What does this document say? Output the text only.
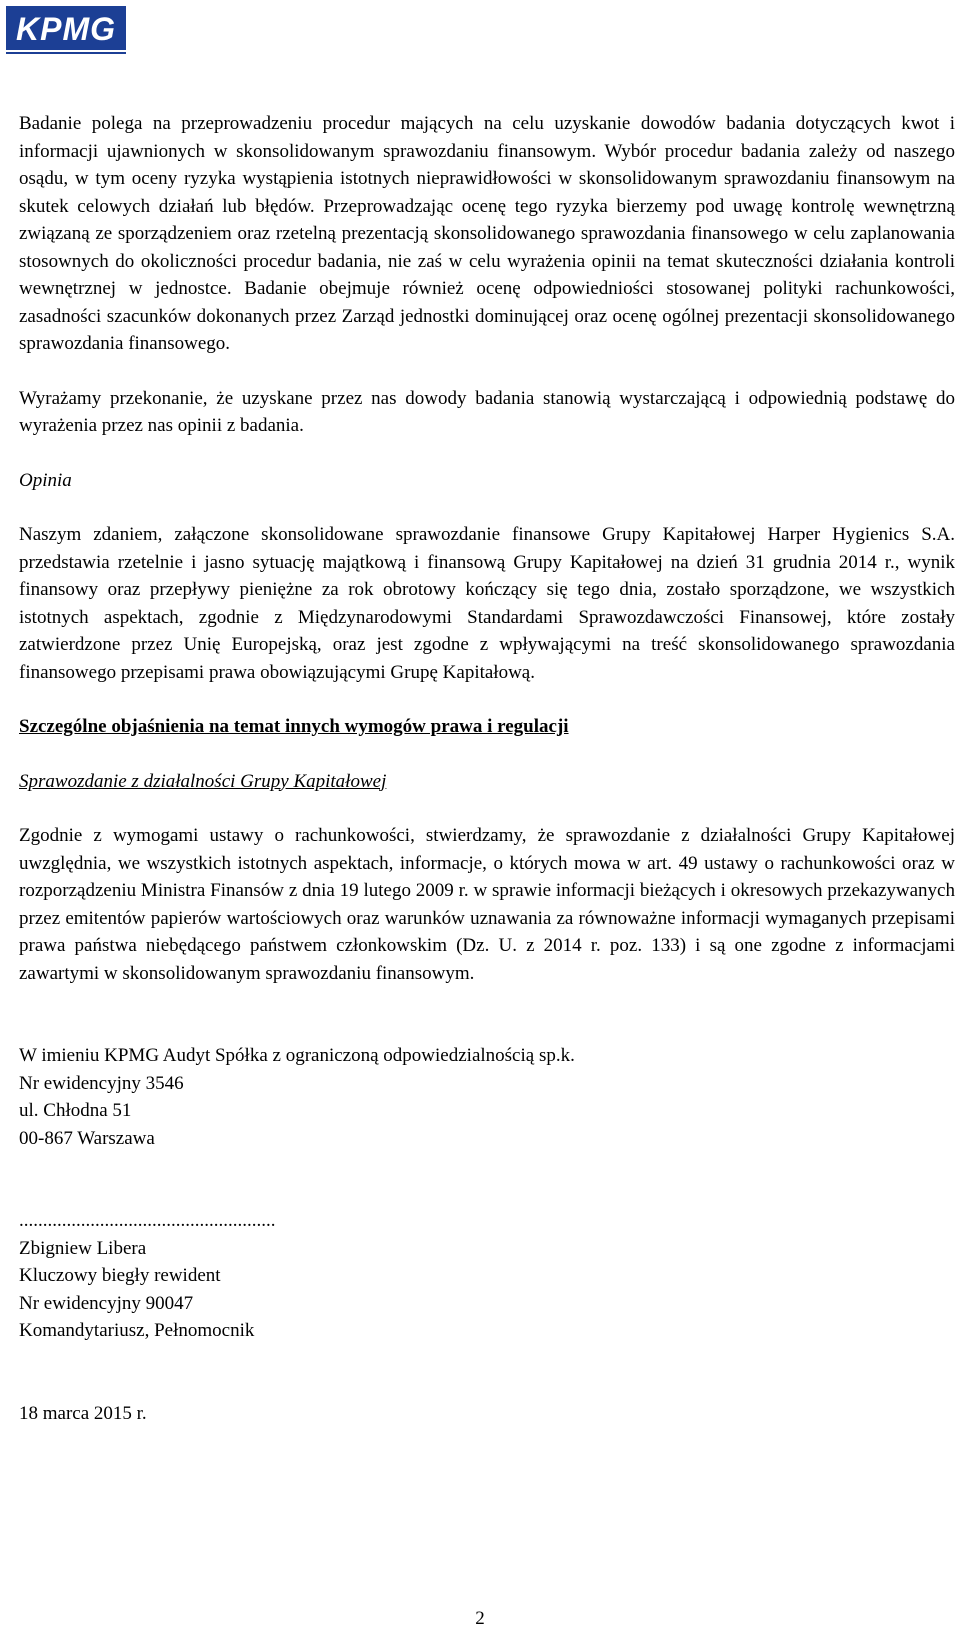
KPMG

Badanie polega na przeprowadzeniu procedur mających na celu uzyskanie dowodów badania dotyczących kwot i informacji ujawnionych w skonsolidowanym sprawozdaniu finansowym. Wybór procedur badania zależy od naszego osądu, w tym oceny ryzyka wystąpienia istotnych nieprawidłowości w skonsolidowanym sprawozdaniu finansowym na skutek celowych działań lub błędów. Przeprowadzając ocenę tego ryzyka bierzemy pod uwagę kontrolę wewnętrzną związaną ze sporządzeniem oraz rzetelną prezentacją skonsolidowanego sprawozdania finansowego w celu zaplanowania stosownych do okoliczności procedur badania, nie zaś w celu wyrażenia opinii na temat skuteczności działania kontroli wewnętrznej w jednostce. Badanie obejmuje również ocenę odpowiedniości stosowanej polityki rachunkowości, zasadności szacunków dokonanych przez Zarząd jednostki dominującej oraz ocenę ogólnej prezentacji skonsolidowanego sprawozdania finansowego.

Wyrażamy przekonanie, że uzyskane przez nas dowody badania stanowią wystarczającą i odpowiednią podstawę do wyrażenia przez nas opinii z badania.

Opinia

Naszym zdaniem, załączone skonsolidowane sprawozdanie finansowe Grupy Kapitałowej Harper Hygienics S.A. przedstawia rzetelnie i jasno sytuację majątkową i finansową Grupy Kapitałowej na dzień 31 grudnia 2014 r., wynik finansowy oraz przepływy pieniężne za rok obrotowy kończący się tego dnia, zostało sporządzone, we wszystkich istotnych aspektach, zgodnie z Międzynarodowymi Standardami Sprawozdawczości Finansowej, które zostały zatwierdzone przez Unię Europejską, oraz jest zgodne z wpływającymi na treść skonsolidowanego sprawozdania finansowego przepisami prawa obowiązującymi Grupę Kapitałową.

Szczególne objaśnienia na temat innych wymogów prawa i regulacji

Sprawozdanie z działalności Grupy Kapitałowej

Zgodnie z wymogami ustawy o rachunkowości, stwierdzamy, że sprawozdanie z działalności Grupy Kapitałowej uwzględnia, we wszystkich istotnych aspektach, informacje, o których mowa w art. 49 ustawy o rachunkowości oraz w rozporządzeniu Ministra Finansów z dnia 19 lutego 2009 r. w sprawie informacji bieżących i okresowych przekazywanych przez emitentów papierów wartościowych oraz warunków uznawania za równoważne informacji wymaganych przepisami prawa państwa niebędącego państwem członkowskim (Dz. U. z 2014 r. poz. 133) i są one zgodne z informacjami zawartymi w skonsolidowanym sprawozdaniu finansowym.

W imieniu KPMG Audyt Spółka z ograniczoną odpowiedzialnością sp.k.

Nr ewidencyjny 3546

ul. Chłodna 51

00-867 Warszawa

......................................................

Zbigniew Libera

Kluczowy biegły rewident

Nr ewidencyjny 90047

Komandytariusz, Pełnomocnik

18 marca 2015 r.

2
